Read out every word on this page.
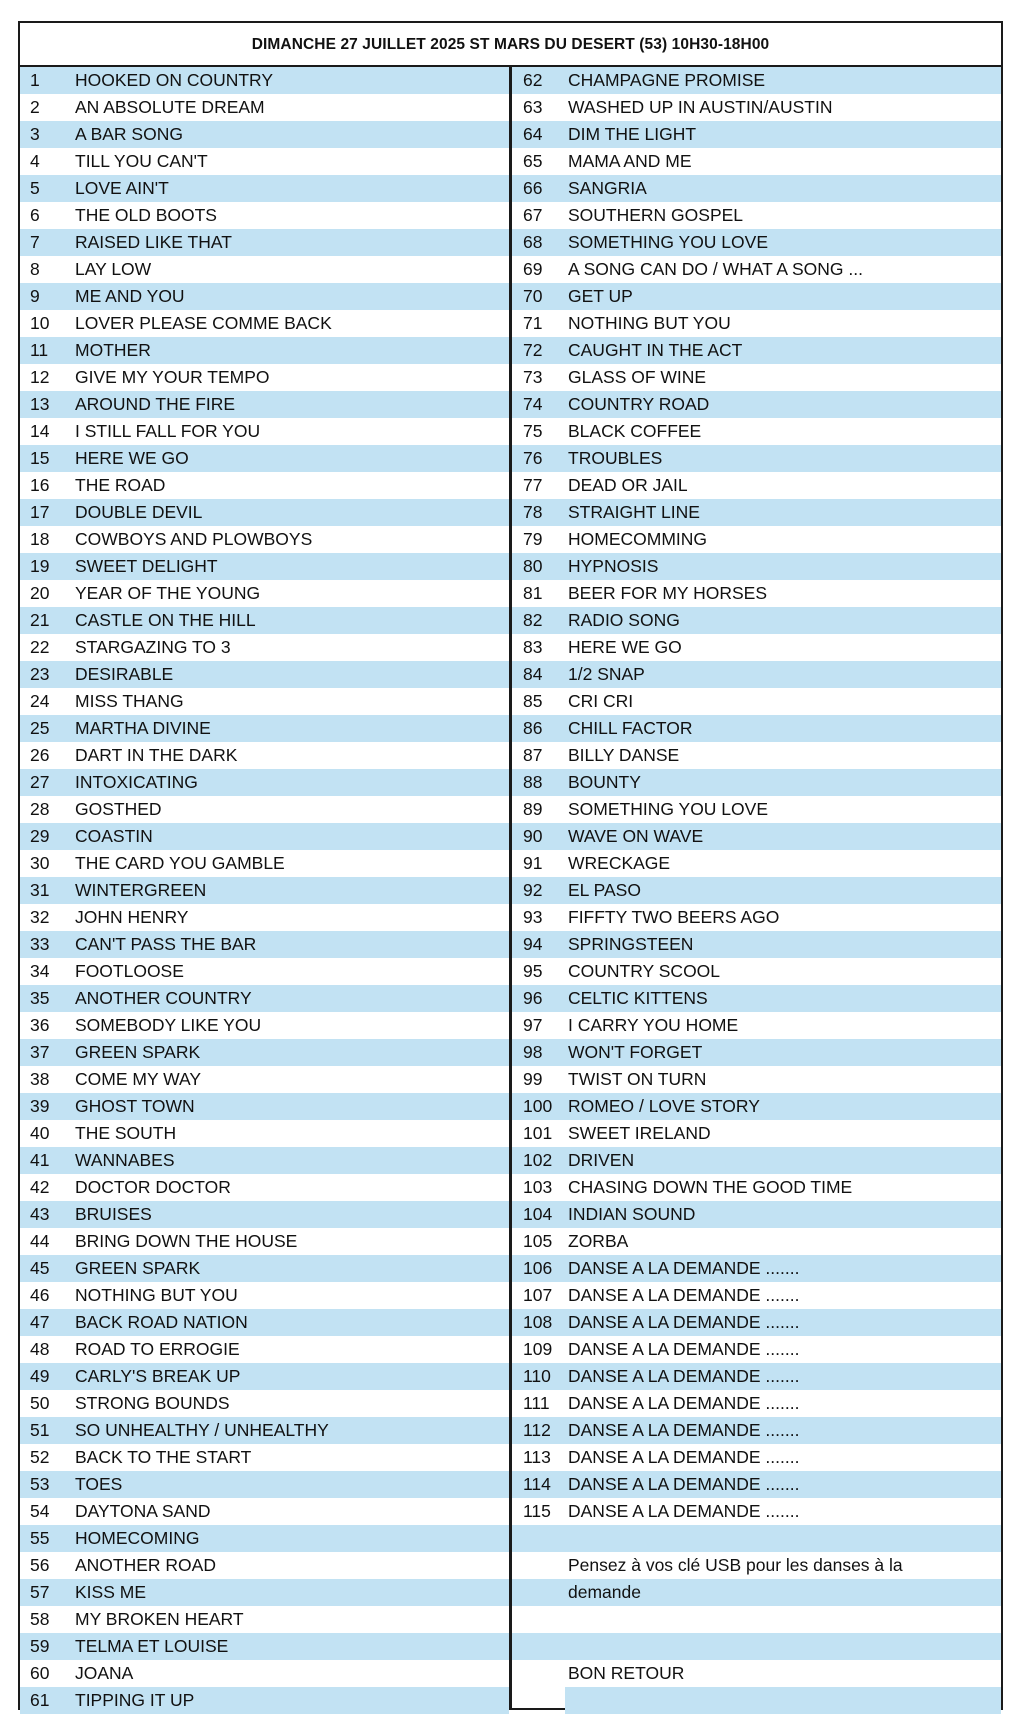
DIMANCHE 27 JUILLET 2025 ST MARS DU DESERT (53) 10H30-18H00
1	HOOKED ON COUNTRY
2	AN ABSOLUTE DREAM
3	A BAR SONG
4	TILL YOU CAN'T
5	LOVE AIN'T
6	THE OLD BOOTS
7	RAISED LIKE THAT
8	LAY LOW
9	ME AND YOU
10	LOVER PLEASE COMME BACK
11	MOTHER
12	GIVE MY YOUR TEMPO
13	AROUND THE FIRE
14	I STILL FALL FOR YOU
15	HERE WE GO
16	THE ROAD
17	DOUBLE DEVIL
18	COWBOYS AND PLOWBOYS
19	SWEET DELIGHT
20	YEAR OF THE YOUNG
21	CASTLE ON THE HILL
22	STARGAZING TO 3
23	DESIRABLE
24	MISS THANG
25	MARTHA DIVINE
26	DART IN THE DARK
27	INTOXICATING
28	GOSTHED
29	COASTIN
30	THE CARD YOU GAMBLE
31	WINTERGREEN
32	JOHN HENRY
33	CAN'T PASS THE BAR
34	FOOTLOOSE
35	ANOTHER COUNTRY
36	SOMEBODY LIKE YOU
37	GREEN SPARK
38	COME MY WAY
39	GHOST TOWN
40	THE SOUTH
41	WANNABES
42	DOCTOR DOCTOR
43	BRUISES
44	BRING DOWN THE HOUSE
45	GREEN SPARK
46	NOTHING BUT YOU
47	BACK ROAD NATION
48	ROAD TO ERROGIE
49	CARLY'S BREAK UP
50	STRONG BOUNDS
51	SO UNHEALTHY / UNHEALTHY
52	BACK TO THE START
53	TOES
54	DAYTONA SAND
55	HOMECOMING
56	ANOTHER ROAD
57	KISS ME
58	MY BROKEN HEART
59	TELMA ET LOUISE
60	JOANA
61	TIPPING IT UP
62	CHAMPAGNE PROMISE
63	WASHED UP IN AUSTIN/AUSTIN
64	DIM THE LIGHT
65	MAMA AND ME
66	SANGRIA
67	SOUTHERN GOSPEL
68	SOMETHING YOU LOVE
69	A SONG CAN DO / WHAT A SONG ...
70	GET UP
71	NOTHING BUT YOU
72	CAUGHT IN THE ACT
73	GLASS OF WINE
74	COUNTRY ROAD
75	BLACK COFFEE
76	TROUBLES
77	DEAD OR JAIL
78	STRAIGHT LINE
79	HOMECOMMING
80	HYPNOSIS
81	BEER FOR MY HORSES
82	RADIO SONG
83	HERE WE GO
84	1/2 SNAP
85	CRI CRI
86	CHILL FACTOR
87	BILLY DANSE
88	BOUNTY
89	SOMETHING YOU LOVE
90	WAVE ON WAVE
91	WRECKAGE
92	EL PASO
93	FIFFTY TWO BEERS AGO
94	SPRINGSTEEN
95	COUNTRY SCOOL
96	CELTIC KITTENS
97	I CARRY YOU HOME
98	WON'T FORGET
99	TWIST ON TURN
100 ROMEO / LOVE STORY
101 SWEET IRELAND
102 DRIVEN
103 CHASING DOWN THE GOOD TIME
104 INDIAN SOUND
105 ZORBA
106 DANSE A LA DEMANDE .......
107 DANSE A LA DEMANDE .......
108 DANSE A LA DEMANDE .......
109 DANSE A LA DEMANDE .......
110 DANSE A LA DEMANDE .......
111	DANSE A LA DEMANDE .......
112 DANSE A LA DEMANDE .......
113 DANSE A LA DEMANDE .......
114 DANSE A LA DEMANDE .......
115 DANSE A LA DEMANDE .......
Pensez à vos clé USB pour les danses à la
demande
BON RETOUR
